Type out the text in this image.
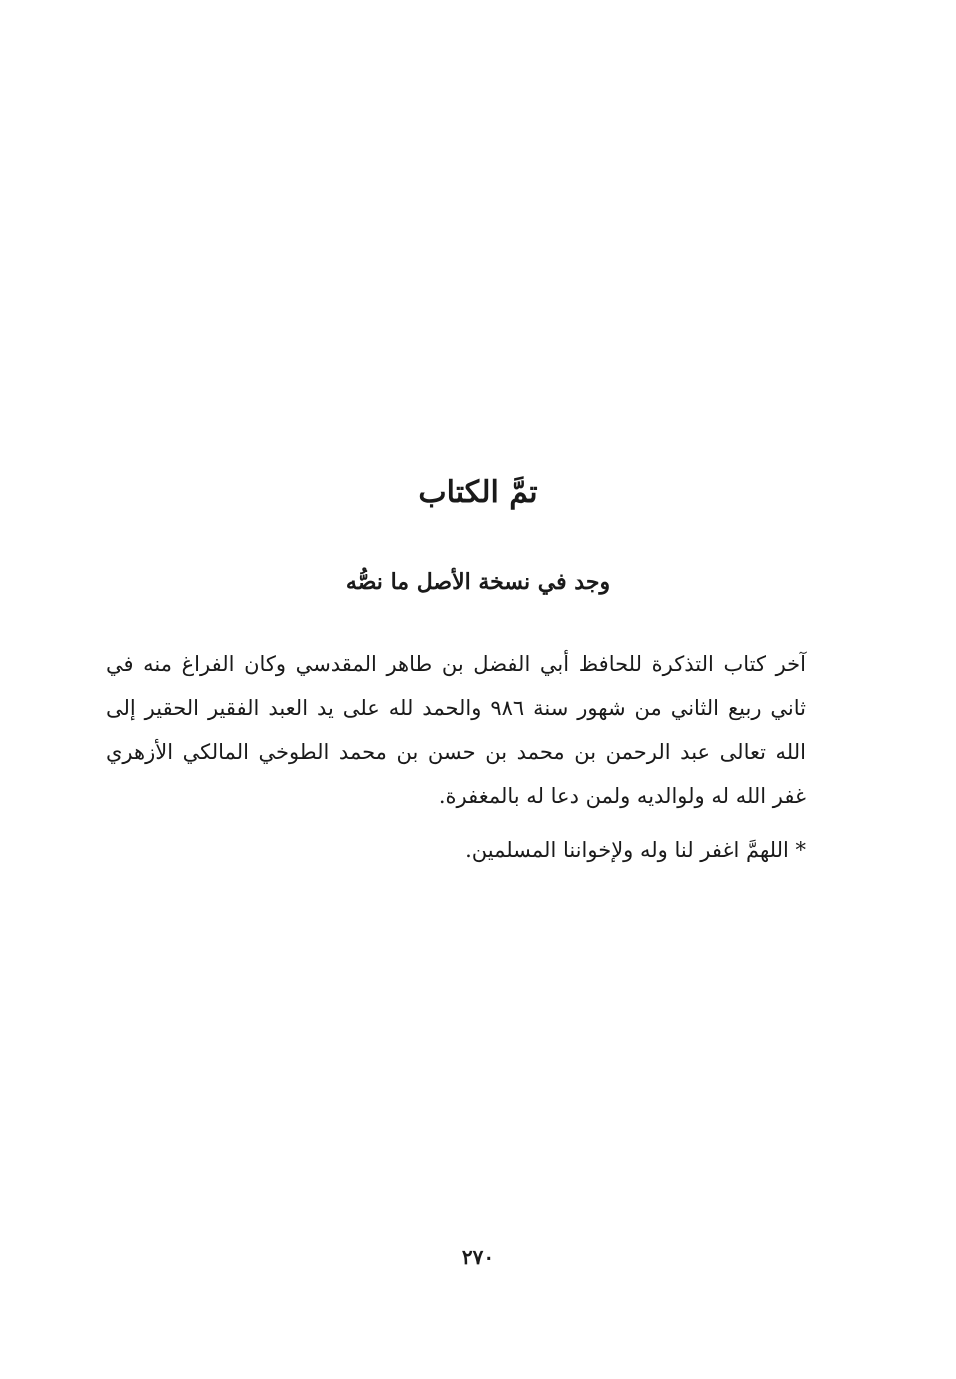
تمَّ الكتاب
وجد في نسخة الأصل ما نصُّه

آخر كتاب التذكرة للحافظ أبي الفضل بن طاهر المقدسي وكان الفراغ منه في ثاني ربيع الثاني من شهور سنة ٩٨٦ والحمد لله على يد العبد الفقير الحقير إلى الله تعالى عبد الرحمن بن محمد بن حسن بن محمد الطوخي المالكي الأزهري غفر الله له ولوالديه ولمن دعا له بالمغفرة.

* اللهمَّ اغفر لنا وله ولإخواننا المسلمين.

٢٧٠
